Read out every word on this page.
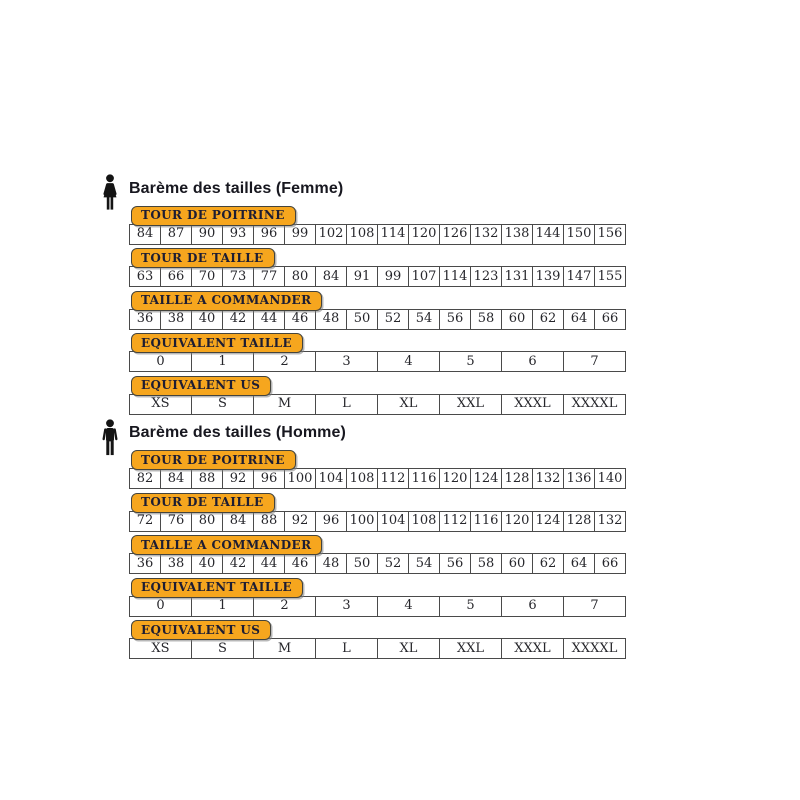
Barème des tailles (Femme)
TOUR DE POITRINE
84	87	90	93	96	99 102 108 114 120 126 132 138 144 150 156
TOUR DE TAILLE
63	66	70	73	77	80	84	91	99 107 114 123 131 139 147 155
TAILLE A COMMANDER
36	38	40	42	44	46	48	50	52	54	56	58	60	62	64	66
EQUIVALENT TAILLE
0	1	2	3	4	5	6	7
EQUIVALENT US
XS	S	M	L	XL	XXL	XXXL	XXXXL
Barème des tailles (Homme)
TOUR DE POITRINE
82	84	88	92	96 100 104 108 112 116 120 124 128 132 136 140
TOUR DE TAILLE
72	76	80	84	88	92	96 100 104 108 112 116 120 124 128 132
TAILLE A COMMANDER
36	38	40	42	44	46	48	50	52	54	56	58	60	62	64	66
EQUIVALENT TAILLE
0	1	2	3	4	5	6	7
EQUIVALENT US
XS	S	M	L	XL	XXL	XXXL	XXXXL
